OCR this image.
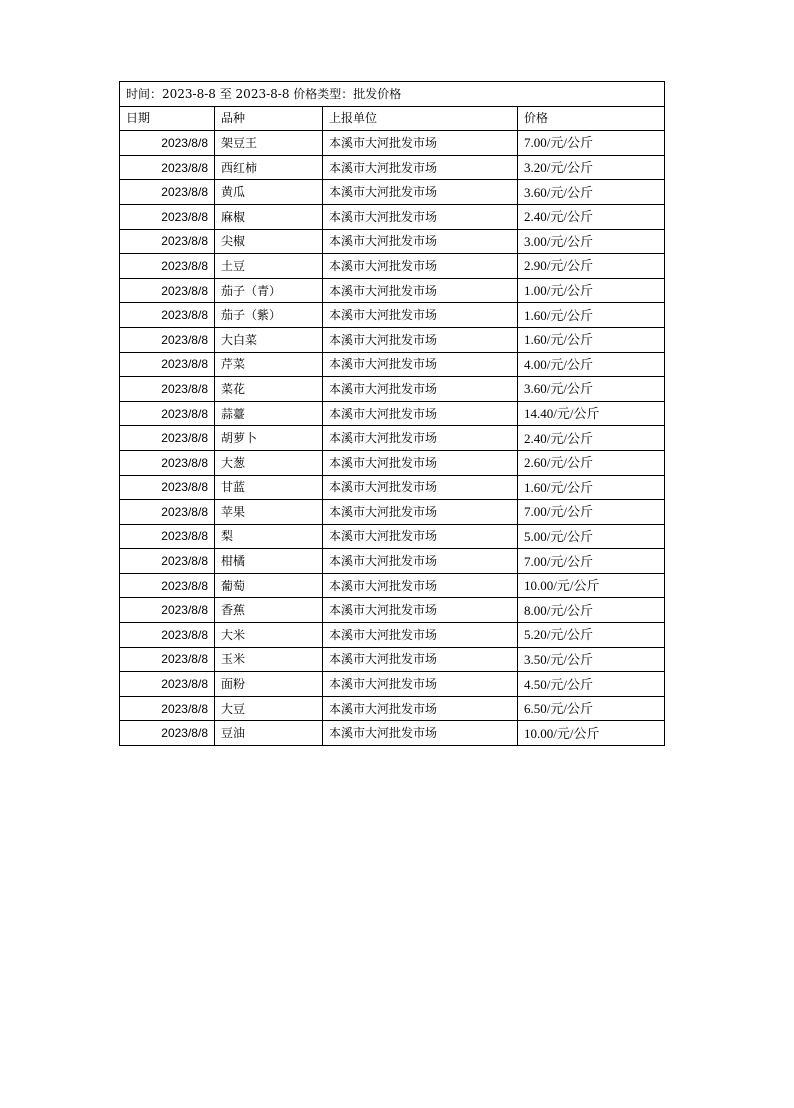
时间：2023-8-8 至 2023-8-8 价格类型：批发价格			
日期	品种	上报单位	价格
2023/8/8	架豆王	本溪市大河批发市场	7.00/元/公斤
2023/8/8	西红柿	本溪市大河批发市场	3.20/元/公斤
2023/8/8	黄瓜	本溪市大河批发市场	3.60/元/公斤
2023/8/8	麻椒	本溪市大河批发市场	2.40/元/公斤
2023/8/8	尖椒	本溪市大河批发市场	3.00/元/公斤
2023/8/8	土豆	本溪市大河批发市场	2.90/元/公斤
2023/8/8	茄子（青）	本溪市大河批发市场	1.00/元/公斤
2023/8/8	茄子（紫）	本溪市大河批发市场	1.60/元/公斤
2023/8/8	大白菜	本溪市大河批发市场	1.60/元/公斤
2023/8/8	芹菜	本溪市大河批发市场	4.00/元/公斤
2023/8/8	菜花	本溪市大河批发市场	3.60/元/公斤
2023/8/8	蒜薹	本溪市大河批发市场	14.40/元/公斤
2023/8/8	胡萝卜	本溪市大河批发市场	2.40/元/公斤
2023/8/8	大葱	本溪市大河批发市场	2.60/元/公斤
2023/8/8	甘蓝	本溪市大河批发市场	1.60/元/公斤
2023/8/8	苹果	本溪市大河批发市场	7.00/元/公斤
2023/8/8	梨	本溪市大河批发市场	5.00/元/公斤
2023/8/8	柑橘	本溪市大河批发市场	7.00/元/公斤
2023/8/8	葡萄	本溪市大河批发市场	10.00/元/公斤
2023/8/8	香蕉	本溪市大河批发市场	8.00/元/公斤
2023/8/8	大米	本溪市大河批发市场	5.20/元/公斤
2023/8/8	玉米	本溪市大河批发市场	3.50/元/公斤
2023/8/8	面粉	本溪市大河批发市场	4.50/元/公斤
2023/8/8	大豆	本溪市大河批发市场	6.50/元/公斤
2023/8/8	豆油	本溪市大河批发市场	10.00/元/公斤
